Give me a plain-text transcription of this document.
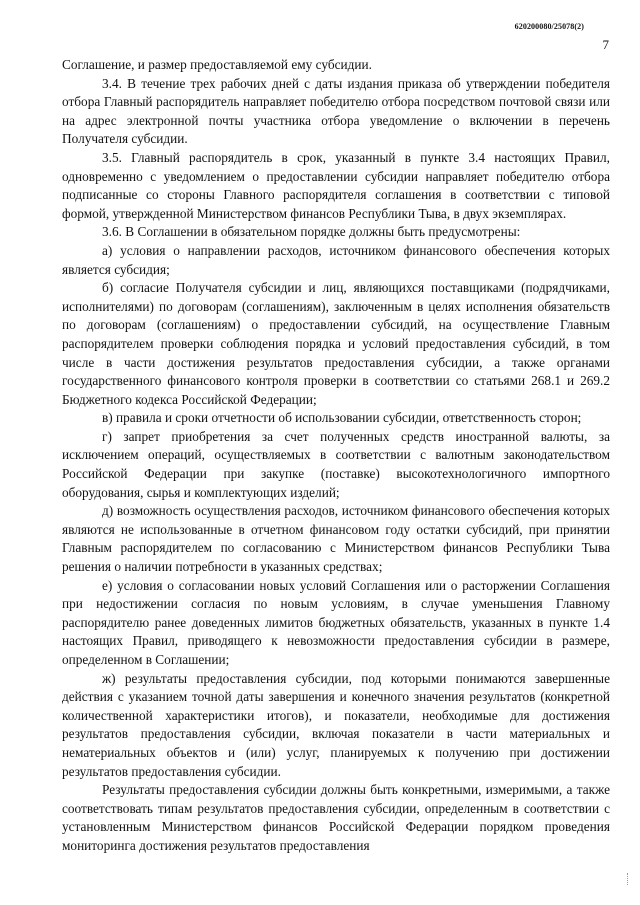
620200080/25078(2)
7

Соглашение, и размер предоставляемой ему субсидии.

3.4. В течение трех рабочих дней с даты издания приказа об утверждении победителя отбора Главный распорядитель направляет победителю отбора посредством почтовой связи или на адрес электронной почты участника отбора уведомление о включении в перечень Получателя субсидии.

3.5. Главный распорядитель в срок, указанный в пункте 3.4 настоящих Правил, одновременно с уведомлением о предоставлении субсидии направляет победителю отбора подписанные со стороны Главного распорядителя соглашения в соответствии с типовой формой, утвержденной Министерством финансов Республики Тыва, в двух экземплярах.

3.6. В Соглашении в обязательном порядке должны быть предусмотрены:

а) условия о направлении расходов, источником финансового обеспечения которых является субсидия;

б) согласие Получателя субсидии и лиц, являющихся поставщиками (подрядчиками, исполнителями) по договорам (соглашениям), заключенным в целях исполнения обязательств по договорам (соглашениям) о предоставлении субсидий, на осуществление Главным распорядителем проверки соблюдения порядка и условий предоставления субсидий, в том числе в части достижения результатов предоставления субсидии, а также органами государственного финансового контроля проверки в соответствии со статьями 268.1 и 269.2 Бюджетного кодекса Российской Федерации;

в) правила и сроки отчетности об использовании субсидии, ответственность сторон;

г) запрет приобретения за счет полученных средств иностранной валюты, за исключением операций, осуществляемых в соответствии с валютным законодательством Российской Федерации при закупке (поставке) высокотехнологичного импортного оборудования, сырья и комплектующих изделий;

д) возможность осуществления расходов, источником финансового обеспечения которых являются не использованные в отчетном финансовом году остатки субсидий, при принятии Главным распорядителем по согласованию с Министерством финансов Республики Тыва решения о наличии потребности в указанных средствах;

е) условия о согласовании новых условий Соглашения или о расторжении Соглашения при недостижении согласия по новым условиям, в случае уменьшения Главному распорядителю ранее доведенных лимитов бюджетных обязательств, указанных в пункте 1.4 настоящих Правил, приводящего к невозможности предоставления субсидии в размере, определенном в Соглашении;

ж) результаты предоставления субсидии, под которыми понимаются завершенные действия с указанием точной даты завершения и конечного значения результатов (конкретной количественной характеристики итогов), и показатели, необходимые для достижения результатов предоставления субсидии, включая показатели в части материальных и нематериальных объектов и (или) услуг, планируемых к получению при достижении результатов предоставления субсидии.

Результаты предоставления субсидии должны быть конкретными, измеримыми, а также соответствовать типам результатов предоставления субсидии, определенным в соответствии с установленным Министерством финансов Российской Федерации порядком проведения мониторинга достижения результатов предоставления
